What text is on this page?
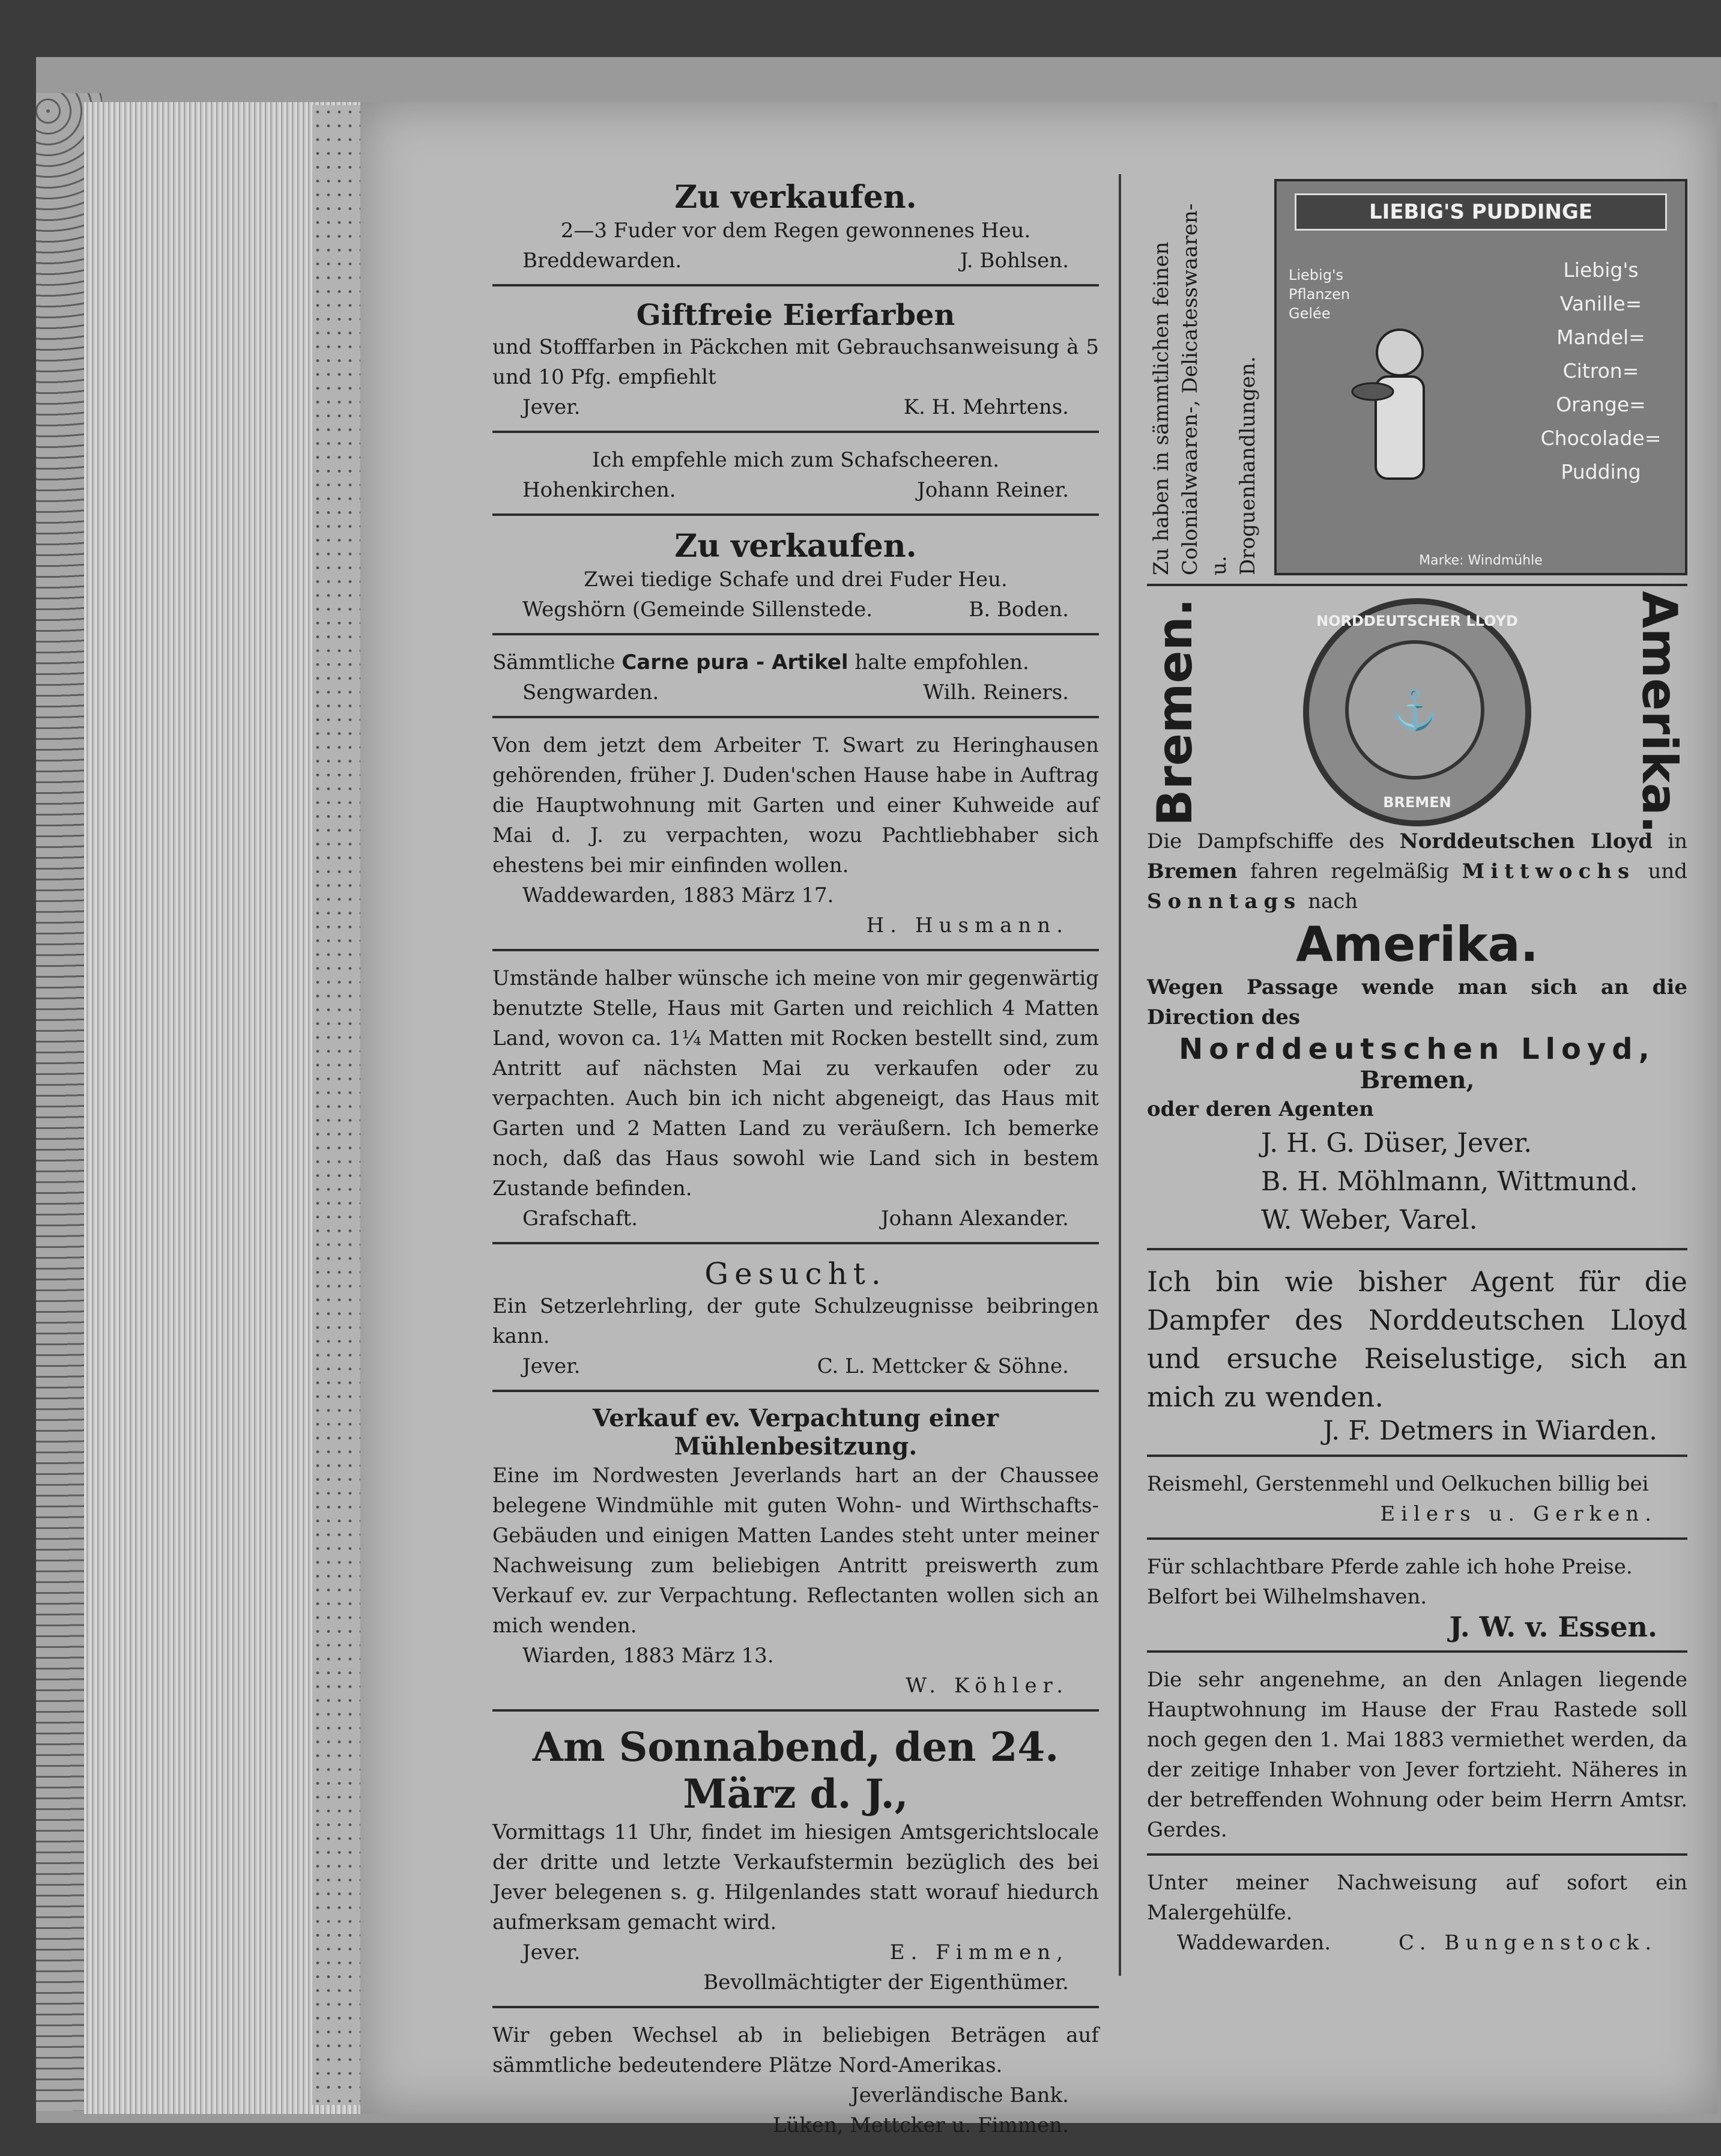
Zu verkaufen.
2—3 Fuder vor dem Regen gewonnenes Heu.
Breddewarden.	J. Bohlsen.
Giftfreie Eierfarben
und Stofffarben in Päckchen mit Gebrauchsanweisung à 5 und 10 Pfg. empfiehlt
Jever.	K. H. Mehrtens.
Ich empfehle mich zum Schafscheeren.
Hohenkirchen.	Johann Reiner.
Zu verkaufen.
Zwei tiedige Schafe und drei Fuder Heu.
Wegshörn (Gemeinde Sillenstede.	B. Boden.
Sämmtliche Carne pura - Artikel halte empfohlen.
Sengwarden.	Wilh. Reiners.
Von dem jetzt dem Arbeiter T. Swart zu Heringhausen gehörenden, früher J. Duden'schen Hause habe in Auftrag die Hauptwohnung mit Garten und einer Kuhweide auf Mai d. J. zu verpachten, wozu Pachtliebhaber sich ehestens bei mir einfinden wollen.
Waddewarden, 1883 März 17.
H. Husmann.
Umstände halber wünsche ich meine von mir gegenwärtig benutzte Stelle, Haus mit Garten und reichlich 4 Matten Land, wovon ca. 1¼ Matten mit Rocken bestellt sind, zum Antritt auf nächsten Mai zu verkaufen oder zu verpachten. Auch bin ich nicht abgeneigt, das Haus mit Garten und 2 Matten Land zu veräußern. Ich bemerke noch, daß das Haus sowohl wie Land sich in bestem Zustande befinden.
Grafschaft.	Johann Alexander.
Gesucht.
Ein Setzerlehrling, der gute Schulzeugnisse beibringen kann.
Jever.	C. L. Mettcker & Söhne.
Verkauf ev. Verpachtung einer
Mühlenbesitzung.
Eine im Nordwesten Jeverlands hart an der Chaussee belegene Windmühle mit guten Wohn- und Wirthschafts-Gebäuden und einigen Matten Landes steht unter meiner Nachweisung zum beliebigen Antritt preiswerth zum Verkauf ev. zur Verpachtung. Reflectanten wollen sich an mich wenden.
Wiarden, 1883 März 13.
W. Köhler.
Am Sonnabend, den 24.
März d. J.,
Vormittags 11 Uhr, findet im hiesigen Amtsgerichtslocale der dritte und letzte Verkaufstermin bezüglich des bei Jever belegenen s. g. Hilgenlandes statt worauf hiedurch aufmerksam gemacht wird.
Jever.	E. Fimmen,
Bevollmächtigter der Eigenthümer.
Wir geben Wechsel ab in beliebigen Beträgen auf sämmtliche bedeutendere Plätze Nord-Amerikas.
Jeverländische Bank.
Lüken, Mettcker u. Fimmen.
Zu haben in sämmtlichen feinen Colonialwaaren-, Delicatesswaaren- u. Droguenhandlungen.
LIEBIG'S PUDDINGE
Liebig's
Pflanzen
Gelée
Liebig's
Vanille=
Mandel=
Citron=
Orange=
Chocolade=
Pudding
Marke: Windmühle
Bremen.	NORDDEUTSCHER LLOYD
⚓
BREMEN	Amerika.
Die Dampfschiffe des Norddeutschen Lloyd in Bremen fahren regelmäßig Mittwochs und Sonntags nach
Amerika.
Wegen Passage wende man sich an die Direction des
Norddeutschen Lloyd,
Bremen,
oder deren Agenten
J. H. G. Düser, Jever.
B. H. Möhlmann, Wittmund.
W. Weber, Varel.
Ich bin wie bisher Agent für die Dampfer des Norddeutschen Lloyd und ersuche Reiselustige, sich an mich zu wenden.
J. F. Detmers in Wiarden.
Reismehl, Gerstenmehl und Oelkuchen billig bei
Eilers u. Gerken.
Für schlachtbare Pferde zahle ich hohe Preise.
Belfort bei Wilhelmshaven.
J. W. v. Essen.
Die sehr angenehme, an den Anlagen liegende Hauptwohnung im Hause der Frau Rastede soll noch gegen den 1. Mai 1883 vermiethet werden, da der zeitige Inhaber von Jever fortzieht. Näheres in der betreffenden Wohnung oder beim Herrn Amtsr. Gerdes.
Unter meiner Nachweisung auf sofort ein Malergehülfe.
Waddewarden.	C. Bungenstock.
